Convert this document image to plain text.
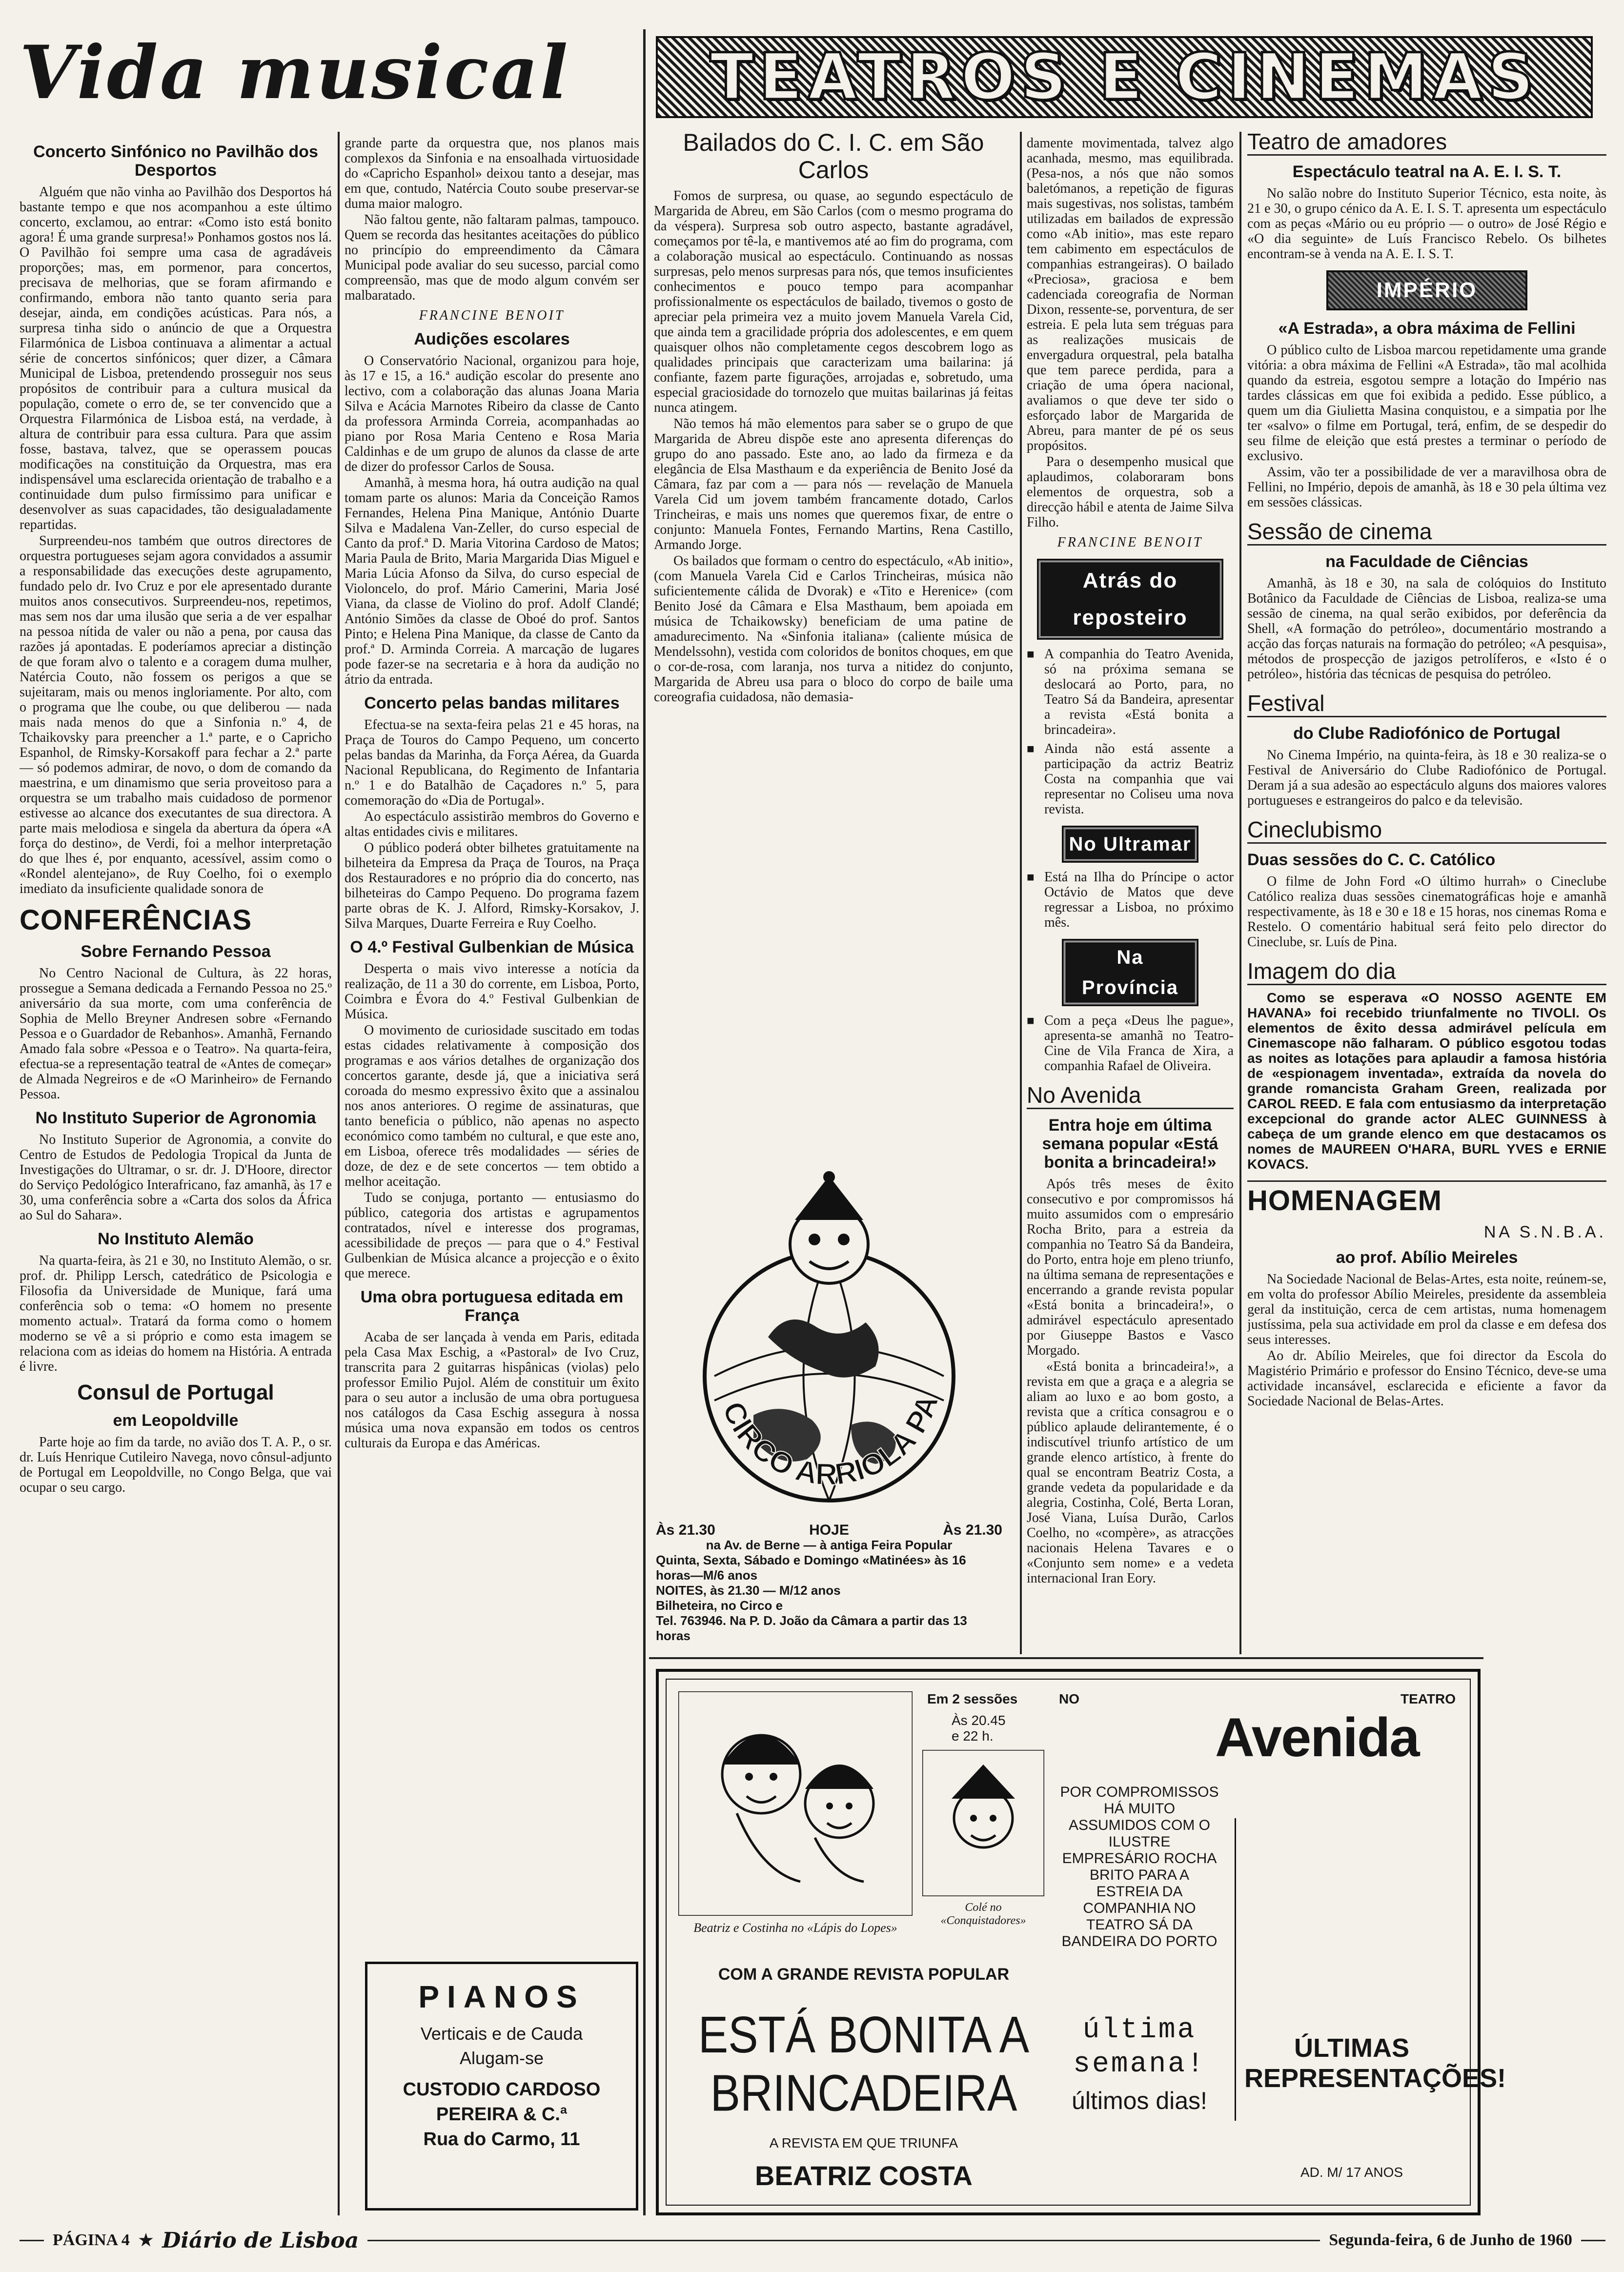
Vida musical TEATROS E CINEMAS
Concerto Sinfónico no Pavilhão dos Desportos

Alguém que não vinha ao Pavilhão dos Desportos há bastante tempo e que nos acompanhou a este último concerto, exclamou, ao entrar: «Como isto está bonito agora! É uma grande surpresa!» Ponhamos gostos nos lá. O Pavilhão foi sempre uma casa de agradáveis proporções; mas, em pormenor, para concertos, precisava de melhorias, que se foram afirmando e confirmando, embora não tanto quanto seria para desejar, ainda, em condições acústicas. Para nós, a surpresa tinha sido o anúncio de que a Orquestra Filarmónica de Lisboa continuava a alimentar a actual série de concertos sinfónicos; quer dizer, a Câmara Municipal de Lisboa, pretendendo prosseguir nos seus propósitos de contribuir para a cultura musical da população, comete o erro de, se ter convencido que a Orquestra Filarmónica de Lisboa está, na verdade, à altura de contribuir para essa cultura. Para que assim fosse, bastava, talvez, que se operassem poucas modificações na constituição da Orquestra, mas era indispensável uma esclarecida orientação de trabalho e a continuidade dum pulso firmíssimo para unificar e desenvolver as suas capacidades, tão desigualadamente repartidas.

Surpreendeu-nos também que outros directores de orquestra portugueses sejam agora convidados a assumir a responsabilidade das execuções deste agrupamento, fundado pelo dr. Ivo Cruz e por ele apresentado durante muitos anos consecutivos. Surpreendeu-nos, repetimos, mas sem nos dar uma ilusão que seria a de ver espalhar na pessoa nítida de valer ou não a pena, por causa das razões já apontadas. E poderíamos apreciar a distinção de que foram alvo o talento e a coragem duma mulher, Natércia Couto, não fossem os perigos a que se sujeitaram, mais ou menos ingloriamente. Por alto, com o programa que lhe coube, ou que deliberou — nada mais nada menos do que a Sinfonia n.º 4, de Tchaikovsky para preencher a 1.ª parte, e o Capricho Espanhol, de Rimsky-Korsakoff para fechar a 2.ª parte — só podemos admirar, de novo, o dom de comando da maestrina, e um dinamismo que seria proveitoso para a orquestra se um trabalho mais cuidadoso de pormenor estivesse ao alcance dos executantes de sua directora. A parte mais melodiosa e singela da abertura da ópera «A força do destino», de Verdi, foi a melhor interpretação do que lhes é, por enquanto, acessível, assim como o «Rondel alentejano», de Ruy Coelho, foi o exemplo imediato da insuficiente qualidade sonora de

CONFERÊNCIAS
Sobre Fernando Pessoa

No Centro Nacional de Cultura, às 22 horas, prossegue a Semana dedicada a Fernando Pessoa no 25.º aniversário da sua morte, com uma conferência de Sophia de Mello Breyner Andresen sobre «Fernando Pessoa e o Guardador de Rebanhos». Amanhã, Fernando Amado fala sobre «Pessoa e o Teatro». Na quarta-feira, efectua-se a representação teatral de «Antes de começar» de Almada Negreiros e de «O Marinheiro» de Fernando Pessoa.

No Instituto Superior de Agronomia

No Instituto Superior de Agronomia, a convite do Centro de Estudos de Pedologia Tropical da Junta de Investigações do Ultramar, o sr. dr. J. D'Hoore, director do Serviço Pedológico Interafricano, faz amanhã, às 17 e 30, uma conferência sobre a «Carta dos solos da África ao Sul do Sahara».

No Instituto Alemão

Na quarta-feira, às 21 e 30, no Instituto Alemão, o sr. prof. dr. Philipp Lersch, catedrático de Psicologia e Filosofia da Universidade de Munique, fará uma conferência sob o tema: «O homem no presente momento actual». Tratará da forma como o homem moderno se vê a si próprio e como esta imagem se relaciona com as ideias do homem na História. A entrada é livre.

Consul de Portugal
em Leopoldville

Parte hoje ao fim da tarde, no avião dos T. A. P., o sr. dr. Luís Henrique Cutileiro Navega, novo cônsul-adjunto de Portugal em Leopoldville, no Congo Belga, que vai ocupar o seu cargo.

grande parte da orquestra que, nos planos mais complexos da Sinfonia e na ensoalhada virtuosidade do «Capricho Espanhol» deixou tanto a desejar, mas em que, contudo, Natércia Couto soube preservar-se duma maior malogro.

Não faltou gente, não faltaram palmas, tampouco. Quem se recorda das hesitantes aceitações do público no princípio do empreendimento da Câmara Municipal pode avaliar do seu sucesso, parcial como compreensão, mas que de modo algum convém ser malbaratado.

FRANCINE BENOIT
Audições escolares

O Conservatório Nacional, organizou para hoje, às 17 e 15, a 16.ª audição escolar do presente ano lectivo, com a colaboração das alunas Joana Maria Silva e Acácia Marnotes Ribeiro da classe de Canto da professora Arminda Correia, acompanhadas ao piano por Rosa Maria Centeno e Rosa Maria Caldinhas e de um grupo de alunos da classe de arte de dizer do professor Carlos de Sousa.

Amanhã, à mesma hora, há outra audição na qual tomam parte os alunos: Maria da Conceição Ramos Fernandes, Helena Pina Manique, António Duarte Silva e Madalena Van-Zeller, do curso especial de Canto da prof.ª D. Maria Vitorina Cardoso de Matos; Maria Paula de Brito, Maria Margarida Dias Miguel e Maria Lúcia Afonso da Silva, do curso especial de Violoncelo, do prof. Mário Camerini, Maria José Viana, da classe de Violino do prof. Adolf Clandé; António Simões da classe de Oboé do prof. Santos Pinto; e Helena Pina Manique, da classe de Canto da prof.ª D. Arminda Correia. A marcação de lugares pode fazer-se na secretaria e à hora da audição no átrio da entrada.

Concerto pelas bandas militares

Efectua-se na sexta-feira pelas 21 e 45 horas, na Praça de Touros do Campo Pequeno, um concerto pelas bandas da Marinha, da Força Aérea, da Guarda Nacional Republicana, do Regimento de Infantaria n.º 1 e do Batalhão de Caçadores n.º 5, para comemoração do «Dia de Portugal».

Ao espectáculo assistirão membros do Governo e altas entidades civis e militares.

O público poderá obter bilhetes gratuitamente na bilheteira da Empresa da Praça de Touros, na Praça dos Restauradores e no próprio dia do concerto, nas bilheteiras do Campo Pequeno. Do programa fazem parte obras de K. J. Alford, Rimsky-Korsakov, J. Silva Marques, Duarte Ferreira e Ruy Coelho.

O 4.º Festival Gulbenkian de Música

Desperta o mais vivo interesse a notícia da realização, de 11 a 30 do corrente, em Lisboa, Porto, Coimbra e Évora do 4.º Festival Gulbenkian de Música.

O movimento de curiosidade suscitado em todas estas cidades relativamente à composição dos programas e aos vários detalhes de organização dos concertos garante, desde já, que a iniciativa será coroada do mesmo expressivo êxito que a assinalou nos anos anteriores. O regime de assinaturas, que tanto beneficia o público, não apenas no aspecto económico como também no cultural, e que este ano, em Lisboa, oferece três modalidades — séries de doze, de dez e de sete concertos — tem obtido a melhor aceitação.

Tudo se conjuga, portanto — entusiasmo do público, categoria dos artistas e agrupamentos contratados, nível e interesse dos programas, acessibilidade de preços — para que o 4.º Festival Gulbenkian de Música alcance a projecção e o êxito que merece.

Uma obra portuguesa editada em França

Acaba de ser lançada à venda em Paris, editada pela Casa Max Eschig, a «Pastoral» de Ivo Cruz, transcrita para 2 guitarras hispânicas (violas) pelo professor Emilio Pujol. Além de constituir um êxito para o seu autor a inclusão de uma obra portuguesa nos catálogos da Casa Eschig assegura à nossa música uma nova expansão em todos os centros culturais da Europa e das Américas.

PIANOS
Verticais e de Cauda
Alugam-se
CUSTODIO CARDOSO
PEREIRA & C.ª
Rua do Carmo, 11
Bailados do C. I. C. em São Carlos

Fomos de surpresa, ou quase, ao segundo espectáculo de Margarida de Abreu, em São Carlos (com o mesmo programa do da véspera). Surpresa sob outro aspecto, bastante agradável, começamos por tê-la, e mantivemos até ao fim do programa, com a colaboração musical ao espectáculo. Continuando as nossas surpresas, pelo menos surpresas para nós, que temos insuficientes conhecimentos e pouco tempo para acompanhar profissionalmente os espectáculos de bailado, tivemos o gosto de apreciar pela primeira vez a muito jovem Manuela Varela Cid, que ainda tem a gracilidade própria dos adolescentes, e em quem quaisquer olhos não completamente cegos descobrem logo as qualidades principais que caracterizam uma bailarina: já confiante, fazem parte figurações, arrojadas e, sobretudo, uma especial graciosidade do tornozelo que muitas bailarinas já feitas nunca atingem.

Não temos há mão elementos para saber se o grupo de que Margarida de Abreu dispõe este ano apresenta diferenças do grupo do ano passado. Este ano, ao lado da firmeza e da elegância de Elsa Masthaum e da experiência de Benito José da Câmara, faz par com a — para nós — revelação de Manuela Varela Cid um jovem também francamente dotado, Carlos Trincheiras, e mais uns nomes que queremos fixar, de entre o conjunto: Manuela Fontes, Fernando Martins, Rena Castillo, Armando Jorge.

Os bailados que formam o centro do espectáculo, «Ab initio», (com Manuela Varela Cid e Carlos Trincheiras, música não suficientemente cálida de Dvorak) e «Tito e Herenice» (com Benito José da Câmara e Elsa Masthaum, bem apoiada em música de Tchaikowsky) beneficiam de uma patine de amadurecimento. Na «Sinfonia italiana» (caliente música de Mendelssohn), vestida com coloridos de bonitos choques, em que o cor-de-rosa, com laranja, nos turva a nitidez do conjunto, Margarida de Abreu usa para o bloco do corpo de baile uma coreografia cuidadosa, não demasia-

CIRCO ARRIOLA PA
Às 21.30	HOJE	Às 21.30
na Av. de Berne — à antiga Feira Popular
Quinta, Sexta, Sábado e Domingo «Matinées» às 16 horas—M/6 anos
NOITES, às 21.30 — M/12 anos
Bilheteira, no Circo e
Tel. 763946. Na P. D. João da Câmara a partir das 13 horas

damente movimentada, talvez algo acanhada, mesmo, mas equilibrada. (Pesa-nos, a nós que não somos baletómanos, a repetição de figuras mais sugestivas, nos solistas, também utilizadas em bailados de expressão como «Ab initio», mas este reparo tem cabimento em espectáculos de companhias estrangeiras). O bailado «Preciosa», graciosa e bem cadenciada coreografia de Norman Dixon, ressente-se, porventura, de ser estreia. E pela luta sem tréguas para as realizações musicais de envergadura orquestral, pela batalha que tem parece perdida, para a criação de uma ópera nacional, avaliamos o que deve ter sido o esforçado labor de Margarida de Abreu, para manter de pé os seus propósitos.

Para o desempenho musical que aplaudimos, colaboraram bons elementos de orquestra, sob a direcção hábil e atenta de Jaime Silva Filho.

FRANCINE BENOIT
Atrás do reposteiro
■ A companhia do Teatro Avenida, só na próxima semana se deslocará ao Porto, para, no Teatro Sá da Bandeira, apresentar a revista «Está bonita a brincadeira».
■ Ainda não está assente a participação da actriz Beatriz Costa na companhia que vai representar no Coliseu uma nova revista.
No Ultramar
■ Está na Ilha do Príncipe o actor Octávio de Matos que deve regressar a Lisboa, no próximo mês.
Na Província
■ Com a peça «Deus lhe pague», apresenta-se amanhã no Teatro-Cine de Vila Franca de Xira, a companhia Rafael de Oliveira.
No Avenida
Entra hoje em última semana popular «Está bonita a brincadeira!»

Após três meses de êxito consecutivo e por compromissos há muito assumidos com o empresário Rocha Brito, para a estreia da companhia no Teatro Sá da Bandeira, do Porto, entra hoje em pleno triunfo, na última semana de representações e encerrando a grande revista popular «Está bonita a brincadeira!», o admirável espectáculo apresentado por Giuseppe Bastos e Vasco Morgado.

«Está bonita a brincadeira!», a revista em que a graça e a alegria se aliam ao luxo e ao bom gosto, a revista que a crítica consagrou e o público aplaude delirantemente, é o indiscutível triunfo artístico de um grande elenco artístico, à frente do qual se encontram Beatriz Costa, a grande vedeta da popularidade e da alegria, Costinha, Colé, Berta Loran, José Viana, Luísa Durão, Carlos Coelho, no «compère», as atracções nacionais Helena Tavares e o «Conjunto sem nome» e a vedeta internacional Iran Eory.

Beatriz e Costinha no «Lápis do Lopes»
Colé no «Conquistadores»
Em 2 sessões
Às 20.45 e 22 h.
NO	TEATRO
Avenida
POR COMPROMISSOS HÁ MUITO ASSUMIDOS COM O ILUSTRE EMPRESÁRIO ROCHA BRITO PARA A ESTREIA DA COMPANHIA NO TEATRO SÁ DA BANDEIRA DO PORTO
última semana!
últimos dias!
ÚLTIMAS REPRESENTAÇÕES!
AD. M/ 17 ANOS
COM A GRANDE REVISTA POPULAR
ESTÁ BONITA A BRINCADEIRA
A REVISTA EM QUE TRIUNFA
BEATRIZ COSTA
Teatro de amadores
Espectáculo teatral na A. E. I. S. T.

No salão nobre do Instituto Superior Técnico, esta noite, às 21 e 30, o grupo cénico da A. E. I. S. T. apresenta um espectáculo com as peças «Mário ou eu próprio — o outro» de José Régio e «O dia seguinte» de Luís Francisco Rebelo. Os bilhetes encontram-se à venda na A. E. I. S. T.

IMPÉRIO
«A Estrada», a obra máxima de Fellini

O público culto de Lisboa marcou repetidamente uma grande vitória: a obra máxima de Fellini «A Estrada», tão mal acolhida quando da estreia, esgotou sempre a lotação do Império nas tardes clássicas em que foi exibida a pedido. Esse público, a quem um dia Giulietta Masina conquistou, e a simpatia por lhe ter «salvo» o filme em Portugal, terá, enfim, de se despedir do seu filme de eleição que está prestes a terminar o período de exclusivo.

Assim, vão ter a possibilidade de ver a maravilhosa obra de Fellini, no Império, depois de amanhã, às 18 e 30 pela última vez em sessões clássicas.

Sessão de cinema
na Faculdade de Ciências

Amanhã, às 18 e 30, na sala de colóquios do Instituto Botânico da Faculdade de Ciências de Lisboa, realiza-se uma sessão de cinema, na qual serão exibidos, por deferência da Shell, «A formação do petróleo», documentário mostrando a acção das forças naturais na formação do petróleo; «A pesquisa», métodos de prospecção de jazigos petrolíferos, e «Isto é o petróleo», história das técnicas de pesquisa do petróleo.

Festival
do Clube Radiofónico de Portugal

No Cinema Império, na quinta-feira, às 18 e 30 realiza-se o Festival de Aniversário do Clube Radiofónico de Portugal. Deram já a sua adesão ao espectáculo alguns dos maiores valores portugueses e estrangeiros do palco e da televisão.

Cineclubismo
Duas sessões do C. C. Católico

O filme de John Ford «O último hurrah» o Cineclube Católico realiza duas sessões cinematográficas hoje e amanhã respectivamente, às 18 e 30 e 18 e 15 horas, nos cinemas Roma e Restelo. O comentário habitual será feito pelo director do Cineclube, sr. Luís de Pina.

Imagem do dia

Como se esperava «O NOSSO AGENTE EM HAVANA» foi recebido triunfalmente no TIVOLI. Os elementos de êxito dessa admirável película em Cinemascope não falharam. O público esgotou todas as noites as lotações para aplaudir a famosa história de «espionagem inventada», extraída da novela do grande romancista Graham Green, realizada por CAROL REED. E fala com entusiasmo da interpretação excepcional do grande actor ALEC GUINNESS à cabeça de um grande elenco em que destacamos os nomes de MAUREEN O'HARA, BURL YVES e ERNIE KOVACS.

HOMENAGEM
NA S.N.B.A.
ao prof. Abílio Meireles

Na Sociedade Nacional de Belas-Artes, esta noite, reúnem-se, em volta do professor Abílio Meireles, presidente da assembleia geral da instituição, cerca de cem artistas, numa homenagem justíssima, pela sua actividade em prol da classe e em defesa dos seus interesses.

Ao dr. Abílio Meireles, que foi director da Escola do Magistério Primário e professor do Ensino Técnico, deve-se uma actividade incansável, esclarecida e eficiente a favor da Sociedade Nacional de Belas-Artes.

PÁGINA 4 ★ Diário de Lisboa	Segunda-feira, 6 de Junho de 1960
